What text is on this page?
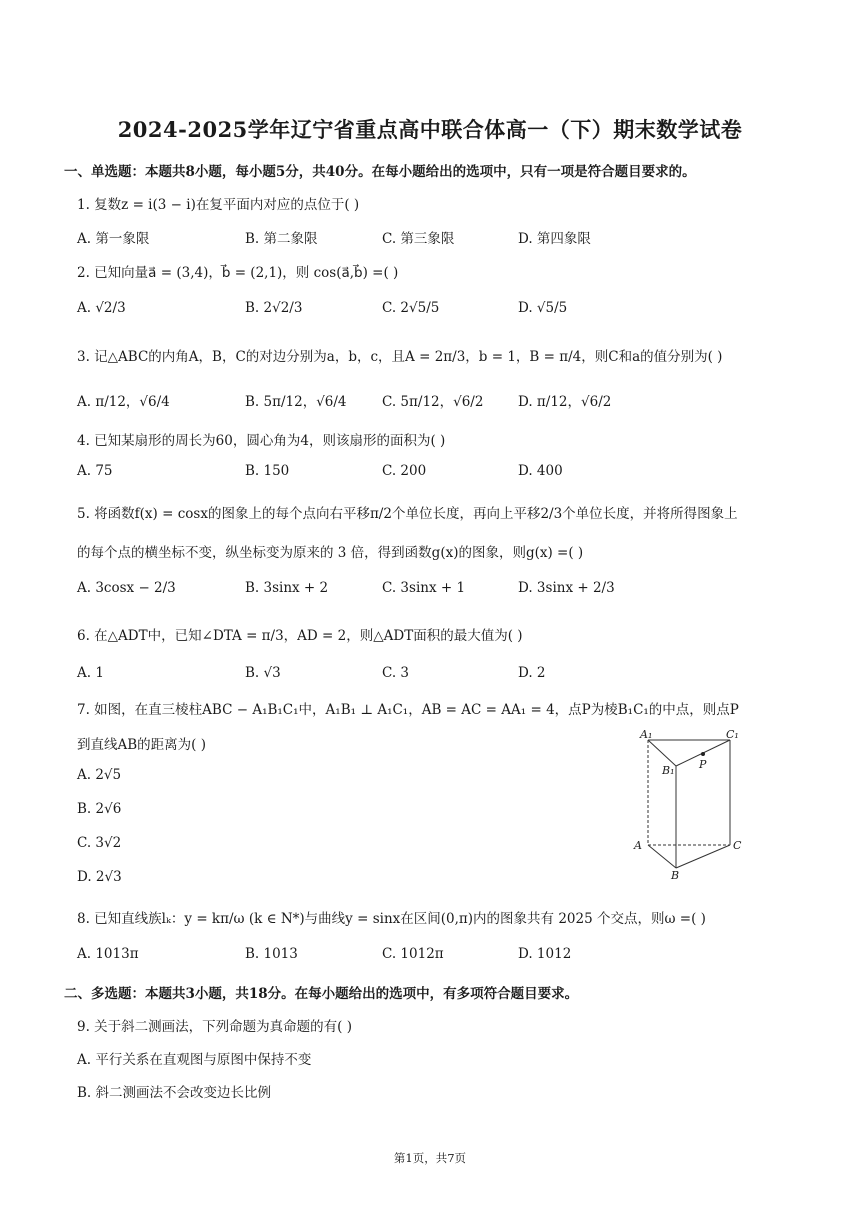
2024-2025学年辽宁省重点高中联合体高一（下）期末数学试卷
一、单选题：本题共8小题，每小题5分，共40分。在每小题给出的选项中，只有一项是符合题目要求的。
1. 复数z = i(3 − i)在复平面内对应的点位于( )
A. 第一象限	B. 第二象限	C. 第三象限	D. 第四象限
2. 已知向量a⃗ = (3,4)，b⃗ = (2,1)，则 cos(a⃗,b⃗) =( )
A. √2/3	B. 2√2/3	C. 2√5/5	D. √5/5
3. 记△ABC的内角A，B，C的对边分别为a，b，c，且A = 2π/3，b = 1，B = π/4，则C和a的值分别为( )
A. π/12，√6/4	B. 5π/12，√6/4	C. 5π/12，√6/2	D. π/12，√6/2
4. 已知某扇形的周长为60，圆心角为4，则该扇形的面积为( )
A. 75	B. 150	C. 200	D. 400
5. 将函数f(x) = cosx的图象上的每个点向右平移π/2个单位长度，再向上平移2/3个单位长度，并将所得图象上
的每个点的横坐标不变，纵坐标变为原来的 3 倍，得到函数g(x)的图象，则g(x) =( )
A. 3cosx − 2/3	B. 3sinx + 2	C. 3sinx + 1	D. 3sinx + 2/3
6. 在△ADT中，已知∠DTA = π/3，AD = 2，则△ADT面积的最大值为( )
A. 1	B. √3	C. 3	D. 2
7. 如图，在直三棱柱ABC − A₁B₁C₁中，A₁B₁ ⊥ A₁C₁，AB = AC = AA₁ = 4，点P为棱B₁C₁的中点，则点P
到直线AB的距离为( )
A. 2√5
B. 2√6
C. 3√2
D. 2√3
A₁	C₁
B₁ P
A	C
B
8. 已知直线族lₖ：y = kπ/ω (k ∈ N*)与曲线y = sinx在区间(0,π)内的图象共有 2025 个交点，则ω =( )
A. 1013π	B. 1013	C. 1012π	D. 1012
二、多选题：本题共3小题，共18分。在每小题给出的选项中，有多项符合题目要求。
9. 关于斜二测画法，下列命题为真命题的有( )
A. 平行关系在直观图与原图中保持不变
B. 斜二测画法不会改变边长比例
第1页，共7页
